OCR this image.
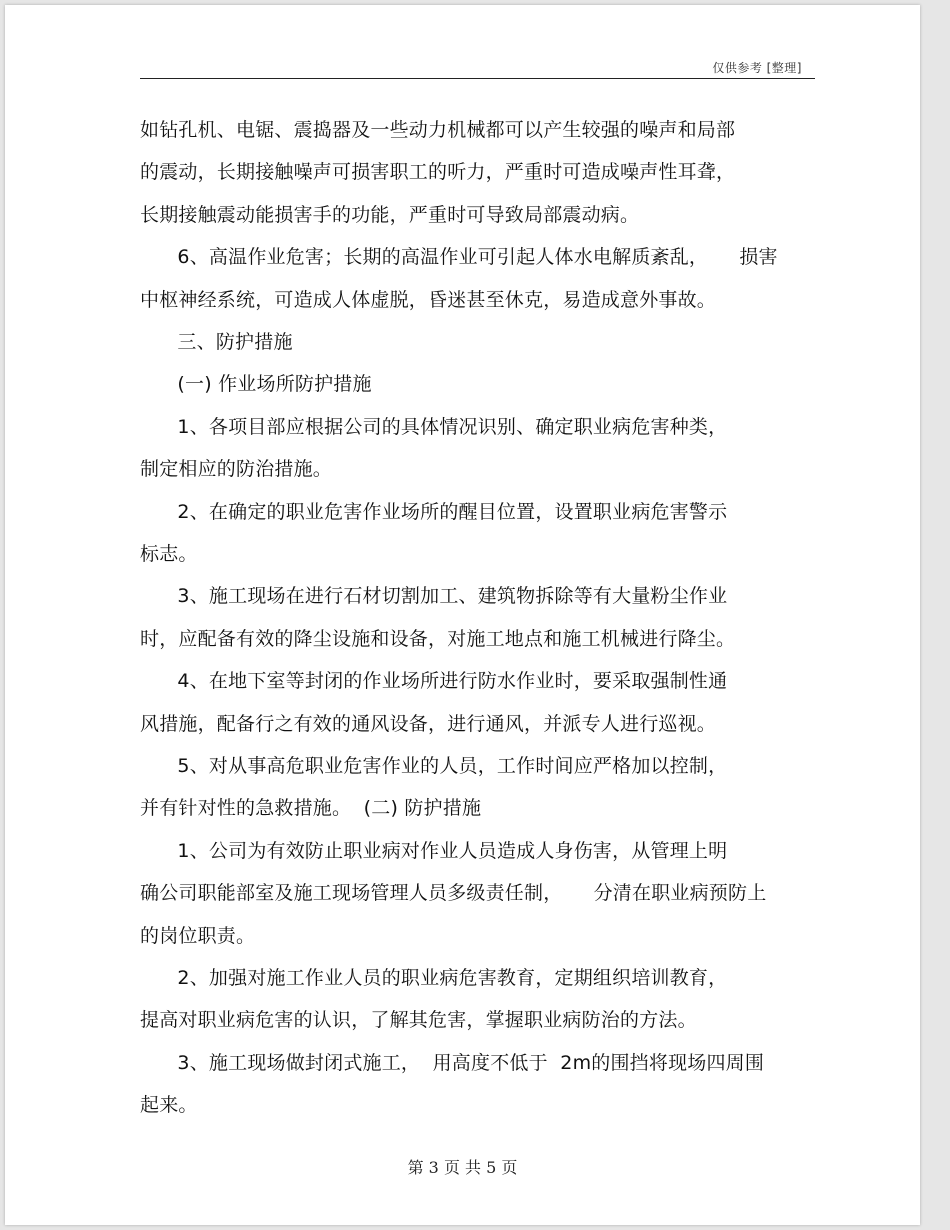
仅供参考 [整理]
如钻孔机、电锯、震捣器及一些动力机械都可以产生较强的噪声和局部
的震动，长期接触噪声可损害职工的听力，严重时可造成噪声性耳聋，
长期接触震动能损害手的功能，严重时可导致局部震动病。
6、高温作业危害；长期的高温作业可引起人体水电解质紊乱，     损害
中枢神经系统，可造成人体虚脱，昏迷甚至休克，易造成意外事故。
三、防护措施
(一) 作业场所防护措施
1、各项目部应根据公司的具体情况识别、确定职业病危害种类，
制定相应的防治措施。
2、在确定的职业危害作业场所的醒目位置，设置职业病危害警示
标志。
3、施工现场在进行石材切割加工、建筑物拆除等有大量粉尘作业
时，应配备有效的降尘设施和设备，对施工地点和施工机械进行降尘。
4、在地下室等封闭的作业场所进行防水作业时，要采取强制性通
风措施，配备行之有效的通风设备，进行通风，并派专人进行巡视。
5、对从事高危职业危害作业的人员，工作时间应严格加以控制，
并有针对性的急救措施。  (二) 防护措施
1、公司为有效防止职业病对作业人员造成人身伤害，从管理上明
确公司职能部室及施工现场管理人员多级责任制，     分清在职业病预防上
的岗位职责。
2、加强对施工作业人员的职业病危害教育，定期组织培训教育，
提高对职业病危害的认识，了解其危害，掌握职业病防治的方法。
3、施工现场做封闭式施工，  用高度不低于  2m的围挡将现场四周围
起来。
第 3 页 共 5 页
